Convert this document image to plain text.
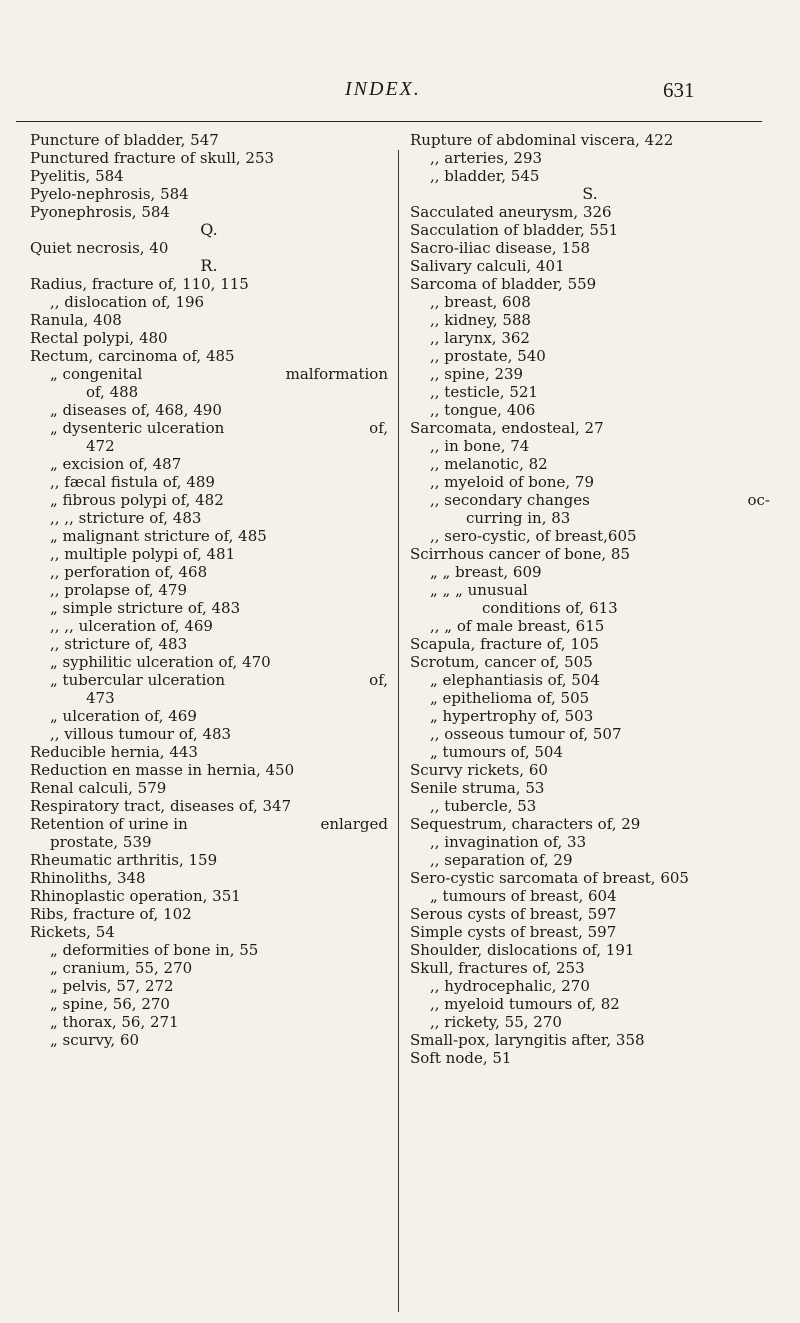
INDEX.	631
Puncture of bladder, 547
Punctured fracture of skull, 253
Pyelitis, 584
Pyelo-nephrosis, 584
Pyonephrosis, 584
Q.
Quiet necrosis, 40
R.
Radius, fracture of, 110, 115
,, dislocation of, 196
Ranula, 408
Rectal polypi, 480
Rectum, carcinoma of, 485
„ congenital	malformation
of, 488
„ diseases of, 468, 490
„ dysenteric ulceration	of,
472
„ excision of, 487
,, fæcal fistula of, 489
„ fibrous polypi of, 482
,, ,, stricture of, 483
„ malignant stricture of, 485
,, multiple polypi of, 481
,, perforation of, 468
,, prolapse of, 479
„ simple stricture of, 483
,, ,, ulceration of, 469
,, stricture of, 483
„ syphilitic ulceration of, 470
„ tubercular ulceration	of,
473
„ ulceration of, 469
,, villous tumour of, 483
Reducible hernia, 443
Reduction en masse in hernia, 450
Renal calculi, 579
Respiratory tract, diseases of, 347
Retention of urine in	enlarged
prostate, 539
Rheumatic arthritis, 159
Rhinoliths, 348
Rhinoplastic operation, 351
Ribs, fracture of, 102
Rickets, 54
„ deformities of bone in, 55
„ cranium, 55, 270
„ pelvis, 57, 272
„ spine, 56, 270
„ thorax, 56, 271
„ scurvy, 60
Rupture of abdominal viscera, 422
,, arteries, 293
,, bladder, 545
S.
Sacculated aneurysm, 326
Sacculation of bladder, 551
Sacro-iliac disease, 158
Salivary calculi, 401
Sarcoma of bladder, 559
,, breast, 608
,, kidney, 588
,, larynx, 362
,, prostate, 540
,, spine, 239
,, testicle, 521
,, tongue, 406
Sarcomata, endosteal, 27
,, in bone, 74
,, melanotic, 82
,, myeloid of bone, 79
,, secondary changes	oc-
curring in, 83
,, sero-cystic, of breast,605
Scirrhous cancer of bone, 85
„ „ breast, 609
„ „ „ unusual
conditions of, 613
,, „ of male breast, 615
Scapula, fracture of, 105
Scrotum, cancer of, 505
„ elephantiasis of, 504
„ epithelioma of, 505
„ hypertrophy of, 503
,, osseous tumour of, 507
„ tumours of, 504
Scurvy rickets, 60
Senile struma, 53
,, tubercle, 53
Sequestrum, characters of, 29
,, invagination of, 33
,, separation of, 29
Sero-cystic sarcomata of breast, 605
„ tumours of breast, 604
Serous cysts of breast, 597
Simple cysts of breast, 597
Shoulder, dislocations of, 191
Skull, fractures of, 253
,, hydrocephalic, 270
,, myeloid tumours of, 82
,, rickety, 55, 270
Small-pox, laryngitis after, 358
Soft node, 51
